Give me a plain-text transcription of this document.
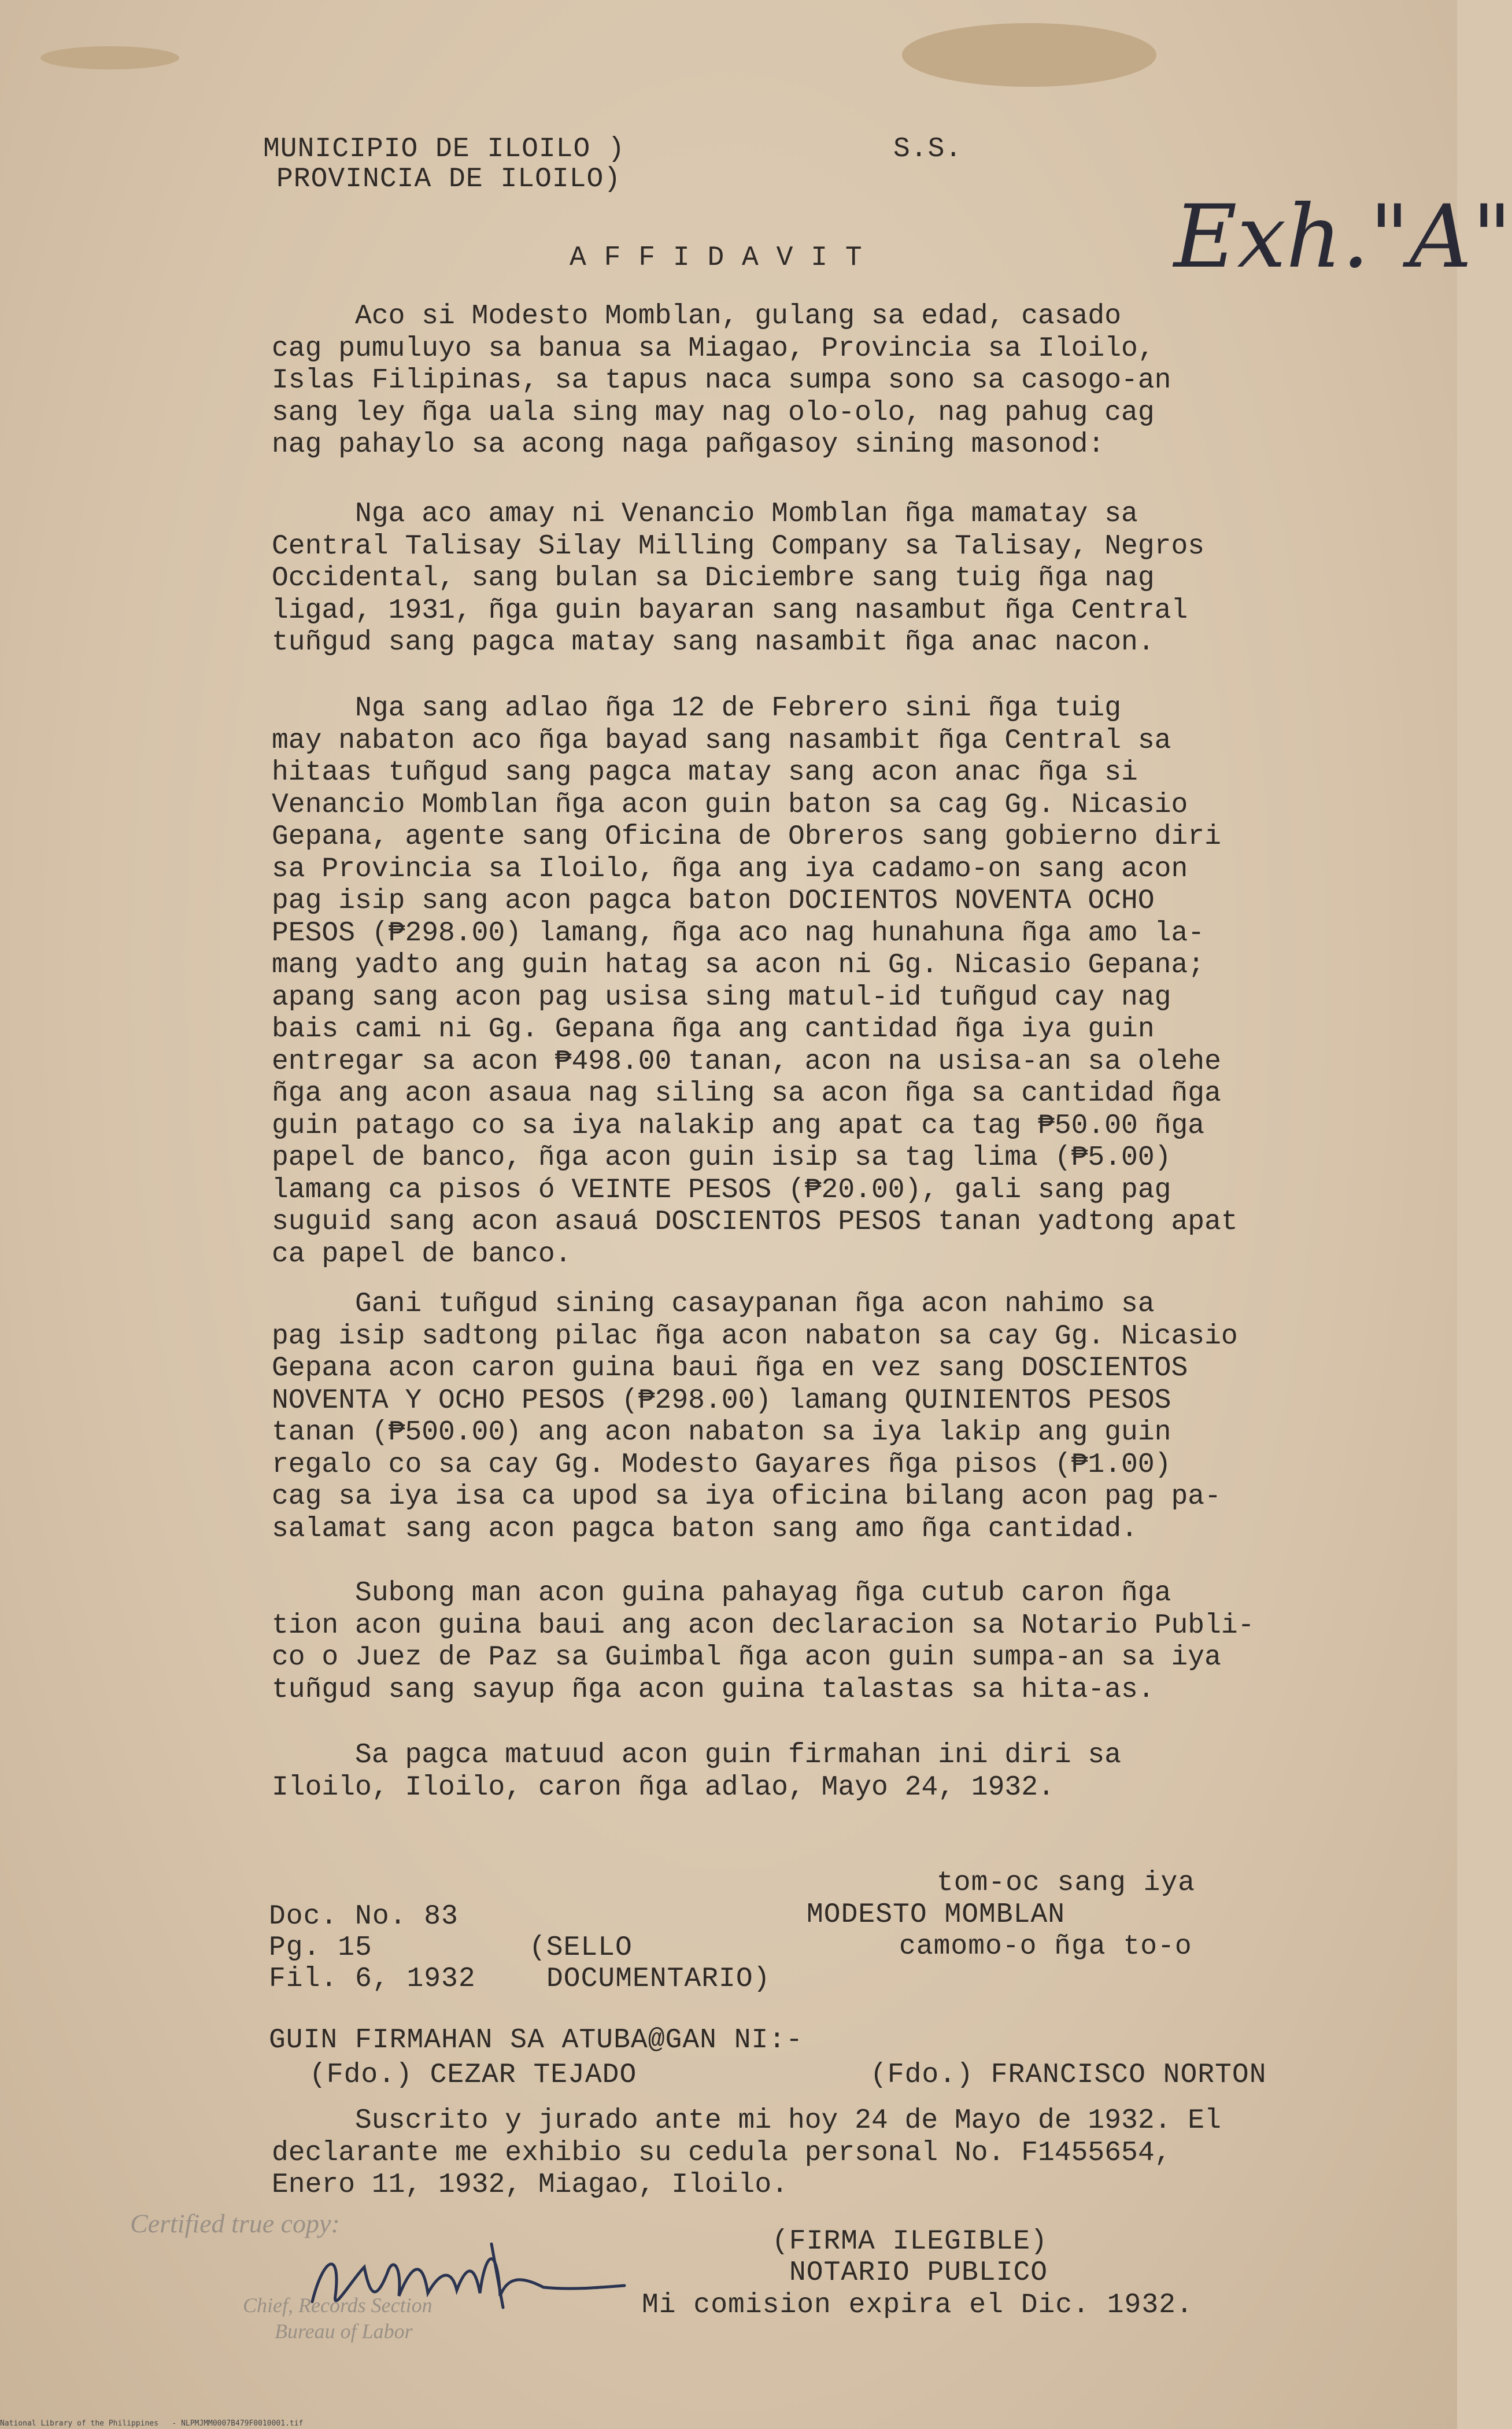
MUNICIPIO DE ILOILO )
PROVINCIA DE ILOILO)
S.S.
Exh."A"
A F F I D A V I T
Aco si Modesto Momblan, gulang sa edad, casado
cag pumuluyo sa banua sa Miagao, Provincia sa Iloilo,
Islas Filipinas, sa tapus naca sumpa sono sa casogo-an
sang ley ñga uala sing may nag olo-olo, nag pahug cag
nag pahaylo sa acong naga pañgasoy sining masonod:
Nga aco amay ni Venancio Momblan ñga mamatay sa
Central Talisay Silay Milling Company sa Talisay, Negros
Occidental, sang bulan sa Diciembre sang tuig ñga nag
ligad, 1931, ñga guin bayaran sang nasambut ñga Central
tuñgud sang pagca matay sang nasambit ñga anac nacon.
Nga sang adlao ñga 12 de Febrero sini ñga tuig
may nabaton aco ñga bayad sang nasambit ñga Central sa
hitaas tuñgud sang pagca matay sang acon anac ñga si
Venancio Momblan ñga acon guin baton sa cag Gg. Nicasio
Gepana, agente sang Oficina de Obreros sang gobierno diri
sa Provincia sa Iloilo, ñga ang iya cadamo-on sang acon
pag isip sang acon pagca baton DOCIENTOS NOVENTA OCHO
PESOS (₱298.00) lamang, ñga aco nag hunahuna ñga amo la-
mang yadto ang guin hatag sa acon ni Gg. Nicasio Gepana;
apang sang acon pag usisa sing matul-id tuñgud cay nag
bais cami ni Gg. Gepana ñga ang cantidad ñga iya guin
entregar sa acon ₱498.00 tanan, acon na usisa-an sa olehe
ñga ang acon asaua nag siling sa acon ñga sa cantidad ñga
guin patago co sa iya nalakip ang apat ca tag ₱50.00 ñga
papel de banco, ñga acon guin isip sa tag lima (₱5.00)
lamang ca pisos ó VEINTE PESOS (₱20.00), gali sang pag
suguid sang acon asauá DOSCIENTOS PESOS tanan yadtong apat
ca papel de banco.
Gani tuñgud sining casaypanan ñga acon nahimo sa
pag isip sadtong pilac ñga acon nabaton sa cay Gg. Nicasio
Gepana acon caron guina baui ñga en vez sang DOSCIENTOS
NOVENTA Y OCHO PESOS (₱298.00) lamang QUINIENTOS PESOS
tanan (₱500.00) ang acon nabaton sa iya lakip ang guin
regalo co sa cay Gg. Modesto Gayares ñga pisos (₱1.00)
cag sa iya isa ca upod sa iya oficina bilang acon pag pa-
salamat sang acon pagca baton sang amo ñga cantidad.
Subong man acon guina pahayag ñga cutub caron ñga
tion acon guina baui ang acon declaracion sa Notario Publi-
co o Juez de Paz sa Guimbal ñga acon guin sumpa-an sa iya
tuñgud sang sayup ñga acon guina talastas sa hita-as.
Sa pagca matuud acon guin firmahan ini diri sa
Iloilo, Iloilo, caron ñga adlao, Mayo 24, 1932.
tom-oc sang iya
MODESTO MOMBLAN
camomo-o ñga to-o
Doc. No. 83
Pg. 15
Fil. 6, 1932
(SELLO
DOCUMENTARIO)
GUIN FIRMAHAN SA ATUBA@GAN NI:-
(Fdo.) CEZAR TEJADO	(Fdo.) FRANCISCO NORTON
Suscrito y jurado ante mi hoy 24 de Mayo de 1932. El
declarante me exhibio su cedula personal No. F1455654,
Enero 11, 1932, Miagao, Iloilo.
Certified true copy:
Chief, Records Section
Bureau of Labor
(FIRMA ILEGIBLE)
NOTARIO PUBLICO
Mi comision expira el Dic. 1932.
National Library of the Philippines   - NLPMJMM0007B479F0010001.tif
